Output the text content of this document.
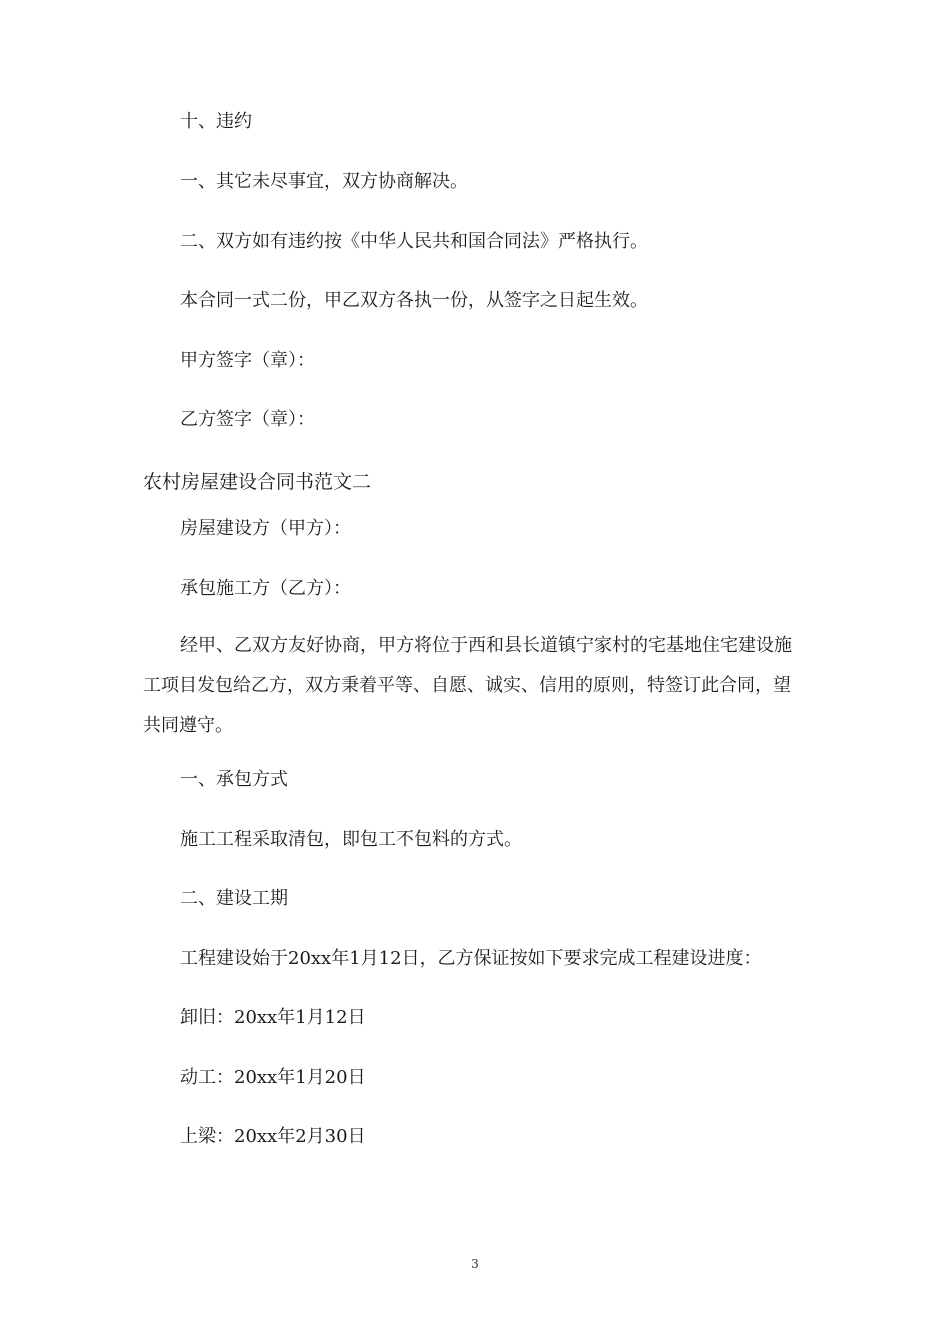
十、违约
一、其它未尽事宜，双方协商解决。
二、双方如有违约按《中华人民共和国合同法》严格执行。
本合同一式二份，甲乙双方各执一份，从签字之日起生效。
甲方签字（章）：
乙方签字（章）：
农村房屋建设合同书范文二
房屋建设方（甲方）：
承包施工方（乙方）：
经甲、乙双方友好协商，甲方将位于西和县长道镇宁家村的宅基地住宅建设施工项目发包给乙方，双方秉着平等、自愿、诚实、信用的原则，特签订此合同，望共同遵守。
一、承包方式
施工工程采取清包，即包工不包料的方式。
二、建设工期
工程建设始于20xx年1月12日，乙方保证按如下要求完成工程建设进度：
卸旧：20xx年1月12日
动工：20xx年1月20日
上梁：20xx年2月30日
3
